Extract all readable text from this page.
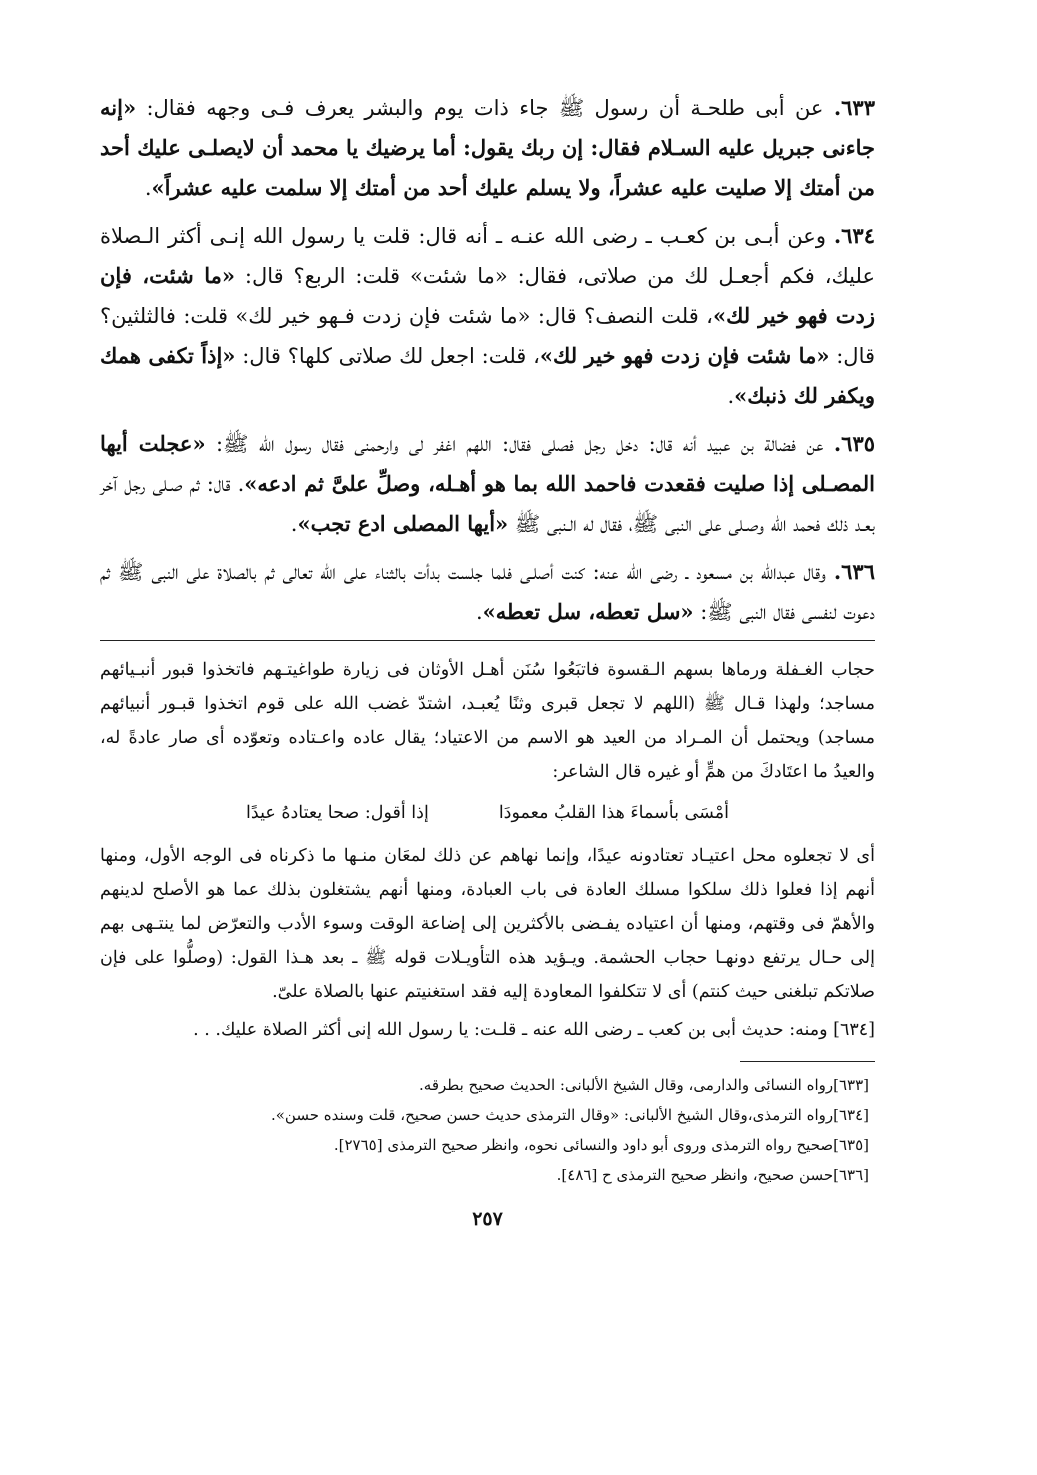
٦٣٣. عن أبى طلحـة أن رسول ﷺ جاء ذات يوم والبشر يعرف فـى وجهه فقال: «إنه جاءنى جبريل عليه السـلام فقال: إن ربك يقول: أما يرضيك يا محمد أن لايصلـى عليك أحد من أمتك إلا صليت عليه عشراً، ولا يسلم عليك أحد من أمتك إلا سلمت عليه عشراً».

٦٣٤. وعن أبـى بن كعـب ـ رضى الله عنـه ـ أنه قال: قلت يا رسول الله إنـى أكثر الـصلاة عليك، فكم أجعـل لك من صلاتى، فقال: «ما شئت» قلت: الربع؟ قال: «ما شئت، فإن زدت فهو خير لك»، قلت النصف؟ قال: «ما شئت فإن زدت فـهو خير لك» قلت: فالثلثين؟ قال: «ما شئت فإن زدت فهو خير لك»، قلت: اجعل لك صلاتى كلها؟ قال: «إذاً تكفى همك ويكفر لك ذنبك».

٦٣٥. عن فضالة بن عبيد أنه قال: دخل رجل فصلى فقال: اللهم اغفر لى وارحمنى فقال رسول الله ﷺ: «عجلت أيها المصـلى إذا صليت فقعدت فاحمد الله بما هو أهـله، وصلِّ علىَّ ثم ادعه». قال: ثم صـلى رجل آخر بعـد ذلك فحمد الله وصـلى على النبى ﷺ، فقال له الـنبى ﷺ «أيها المصلى ادع تجب».

٦٣٦. وقال عبدالله بن مسعود ـ رضى الله عنه: كنت أصلـى فلما جلست بدأت بالثناء على الله تعالى ثم بالصلاة على النبى ﷺ ثم دعوت لنفسى فقال النبى ﷺ: «سل تعطه، سل تعطه».

حجاب الغـفلة ورماها بسهم الـقسوة فاتبَعُوا سُنَن أهـل الأوثان فى زيارة طواغيتـهم فاتخذوا قبور أنبـيائهم مساجد؛ ولهذا قـال ﷺ (اللهم لا تجعل قبرى وثنًا يُعبـد، اشتدّ غضب الله على قوم اتخذوا قبـور أنبيائهم مساجد) ويحتمل أن المـراد من العيد هو الاسم من الاعتياد؛ يقال عاده واعـتاده وتعوّده أى صار عادةً له، والعيدُ ما اعتَادكَ من همٍّ أو غيره قال الشاعر:

أمْسَى بأسماءَ هذا القلبُ معمودَا
إذا أقول: صحا يعتادهُ عيدًا

أى لا تجعلوه محل اعتيـاد تعتادونه عيدًا، وإنما نهاهم عن ذلك لمعَان منـها ما ذكرناه فى الوجه الأول، ومنها أنهم إذا فعلوا ذلك سلكوا مسلك العادة فى باب العبادة، ومنها أنهم يشتغلون بذلك عما هو الأصلح لدينهم والأهمّ فى وقتهم، ومنها أن اعتياده يفـضى بالأكثرين إلى إضاعة الوقت وسوء الأدب والتعرّض لما ينتـهى بهم إلى حـال يرتفع دونهـا حجاب الحشمة. ويـؤيد هذه التأويـلات قوله ﷺ ـ بعد هـذا القول: (وصلُّوا على فإن صلاتكم تبلغنى حيث كنتم) أى لا تتكلفوا المعاودة إليه فقد استغنيتم عنها بالصلاة علىّ.

[٦٣٤] ومنه: حديث أبى بن كعب ـ رضى الله عنه ـ قلـت: يا رسول الله إنى أكثر الصلاة عليك. . .

[٦٣٣]رواه النسائى والدارمى، وقال الشيخ الألبانى: الحديث صحيح بطرقه.

[٦٣٤]رواه الترمذى،وقال الشيخ الألبانى: «وقال الترمذى حديث حسن صحيح، قلت وسنده حسن».

[٦٣٥]صحيح رواه الترمذى وروى أبو داود والنسائى نحوه، وانظر صحيح الترمذى [٢٧٦٥].

[٦٣٦]حسن صحيح، وانظر صحيح الترمذى ح [٤٨٦].

٢٥٧
